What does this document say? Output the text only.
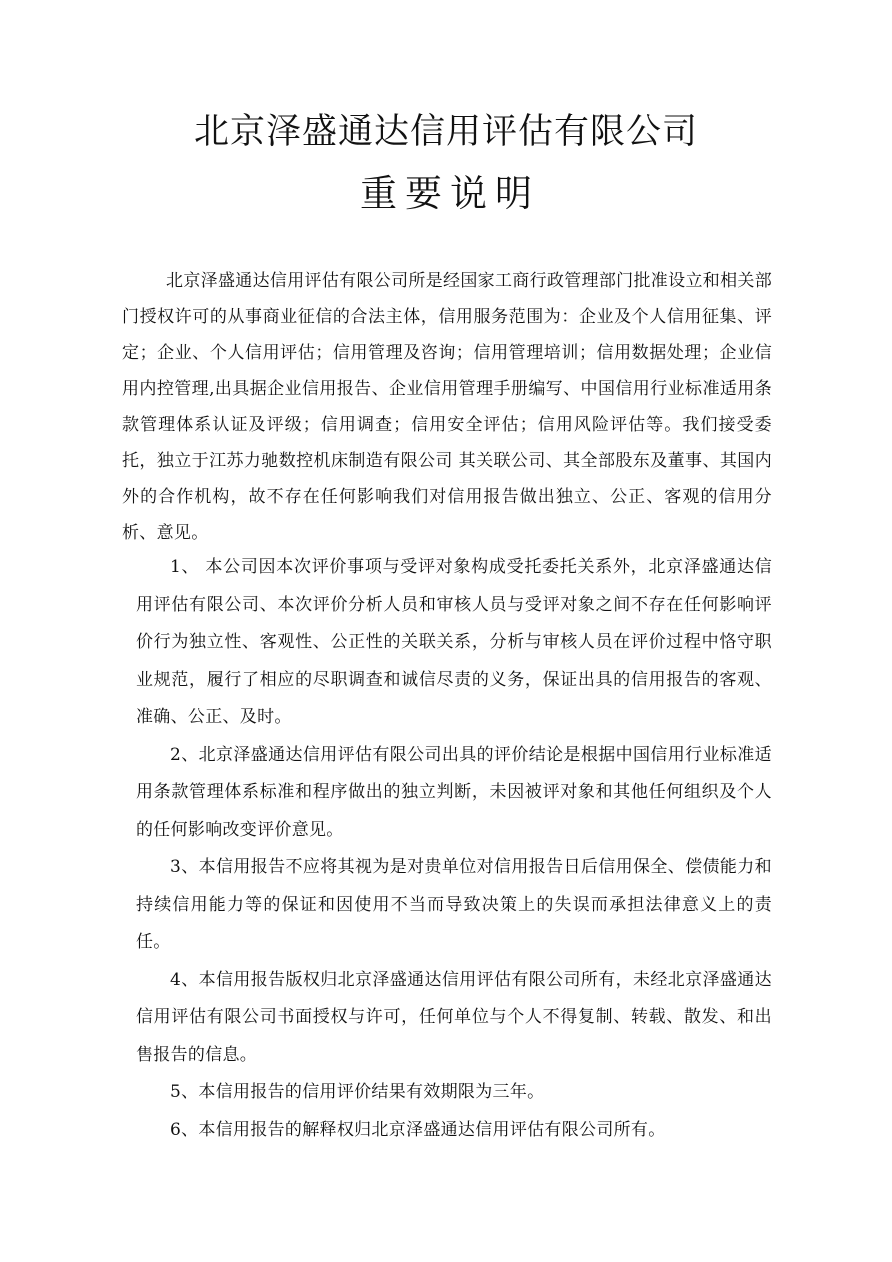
北京泽盛通达信用评估有限公司
重要说明

北京泽盛通达信用评估有限公司所是经国家工商行政管理部门批准设立和相关部门授权许可的从事商业征信的合法主体，信用服务范围为：企业及个人信用征集、评定；企业、个人信用评估；信用管理及咨询；信用管理培训；信用数据处理；企业信用内控管理,出具据企业信用报告、企业信用管理手册编写、中国信用行业标准适用条款管理体系认证及评级；信用调查；信用安全评估；信用风险评估等。我们接受委托，独立于江苏力驰数控机床制造有限公司 其关联公司、其全部股东及董事、其国内外的合作机构，故不存在任何影响我们对信用报告做出独立、公正、客观的信用分析、意见。

1、 本公司因本次评价事项与受评对象构成受托委托关系外，北京泽盛通达信用评估有限公司、本次评价分析人员和审核人员与受评对象之间不存在任何影响评价行为独立性、客观性、公正性的关联关系，分析与审核人员在评价过程中恪守职业规范，履行了相应的尽职调查和诚信尽责的义务，保证出具的信用报告的客观、准确、公正、及时。
2、北京泽盛通达信用评估有限公司出具的评价结论是根据中国信用行业标准适用条款管理体系标准和程序做出的独立判断，未因被评对象和其他任何组织及个人的任何影响改变评价意见。
3、本信用报告不应将其视为是对贵单位对信用报告日后信用保全、偿债能力和持续信用能力等的保证和因使用不当而导致决策上的失误而承担法律意义上的责任。
4、本信用报告版权归北京泽盛通达信用评估有限公司所有，未经北京泽盛通达信用评估有限公司书面授权与许可，任何单位与个人不得复制、转载、散发、和出售报告的信息。
5、本信用报告的信用评价结果有效期限为三年。
6、本信用报告的解释权归北京泽盛通达信用评估有限公司所有。
